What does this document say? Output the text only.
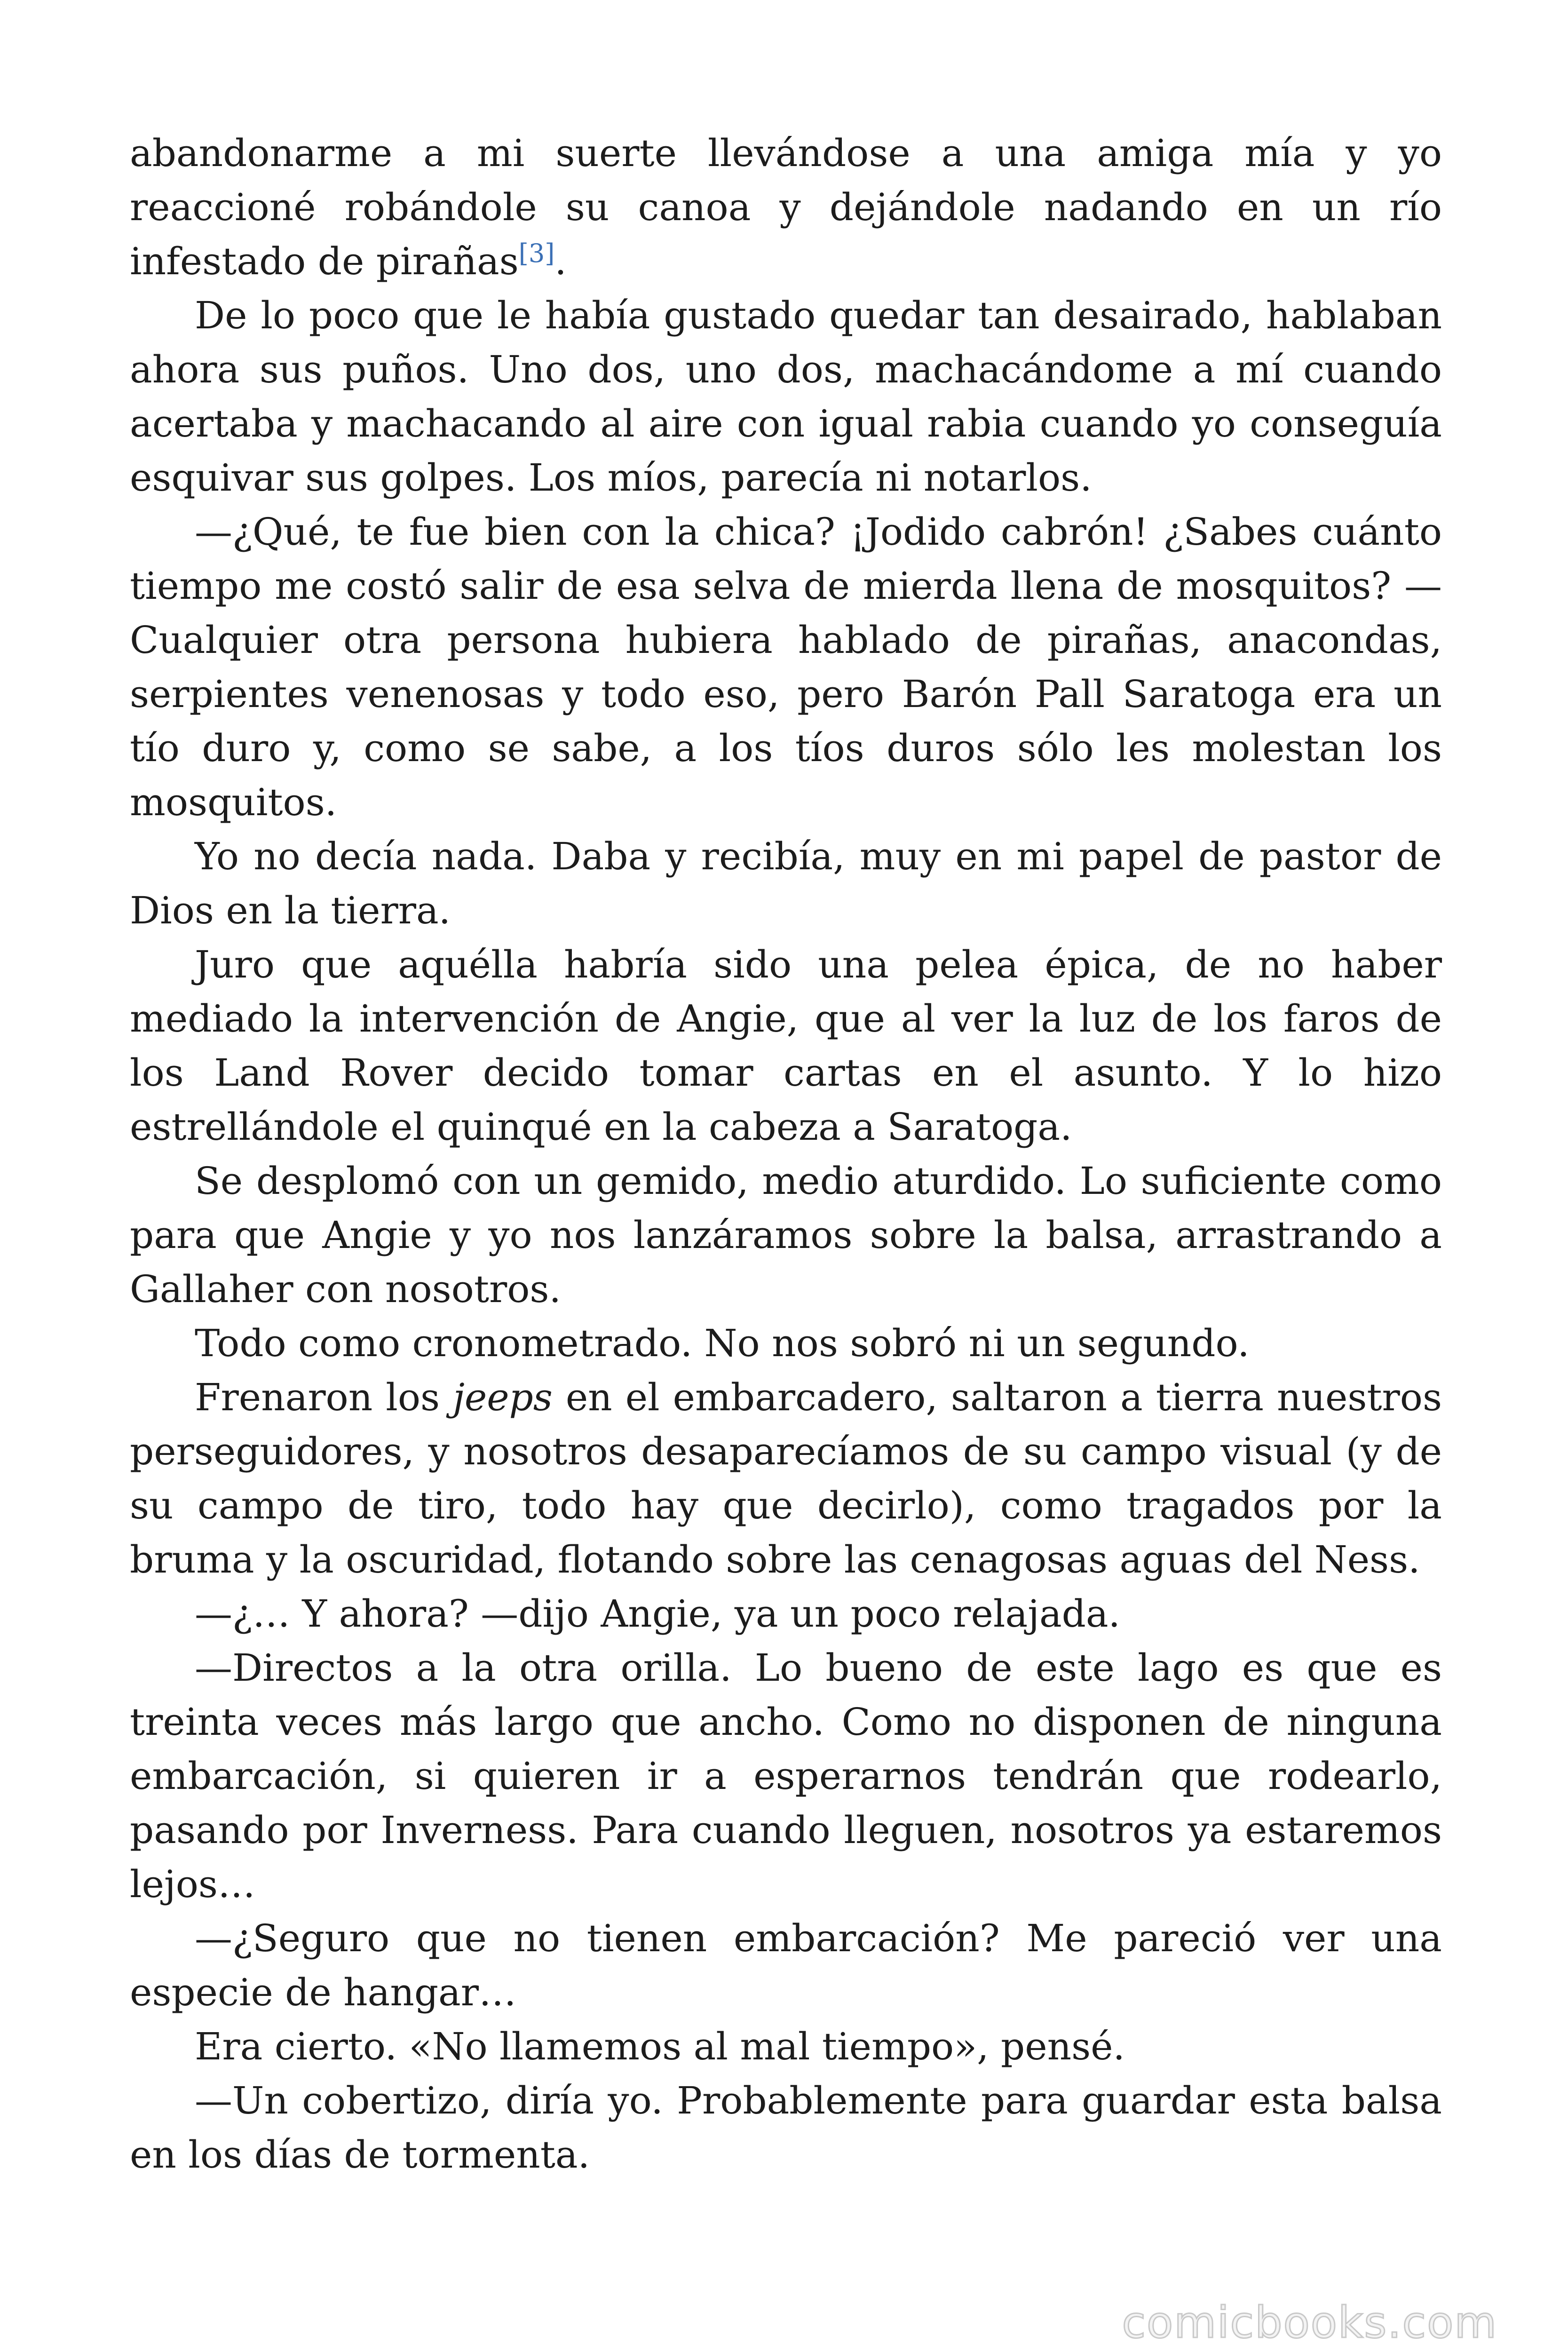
abandonarme a mi suerte llevándose a una amiga mía y yo reaccioné robándole su canoa y dejándole nadando en un río infestado de pirañas[3].

De lo poco que le había gustado quedar tan desairado, hablaban ahora sus puños. Uno dos, uno dos, machacándome a mí cuando acertaba y machacando al aire con igual rabia cuando yo conseguía esquivar sus golpes. Los míos, parecía ni notarlos.

—¿Qué, te fue bien con la chica? ¡Jodido cabrón! ¿Sabes cuánto tiempo me costó salir de esa selva de mierda llena de mosquitos? —Cualquier otra persona hubiera hablado de pirañas, anacondas, serpientes venenosas y todo eso, pero Barón Pall Saratoga era un tío duro y, como se sabe, a los tíos duros sólo les molestan los mosquitos.

Yo no decía nada. Daba y recibía, muy en mi papel de pastor de Dios en la tierra.

Juro que aquélla habría sido una pelea épica, de no haber mediado la intervención de Angie, que al ver la luz de los faros de los Land Rover decido tomar cartas en el asunto. Y lo hizo estrellándole el quinqué en la cabeza a Saratoga.

Se desplomó con un gemido, medio aturdido. Lo suficiente como para que Angie y yo nos lanzáramos sobre la balsa, arrastrando a Gallaher con nosotros.

Todo como cronometrado. No nos sobró ni un segundo.

Frenaron los jeeps en el embarcadero, saltaron a tierra nuestros perseguidores, y nosotros desaparecíamos de su campo visual (y de su campo de tiro, todo hay que decirlo), como tragados por la bruma y la oscuridad, flotando sobre las cenagosas aguas del Ness.

—¿… Y ahora? —dijo Angie, ya un poco relajada.

—Directos a la otra orilla. Lo bueno de este lago es que es treinta veces más largo que ancho. Como no disponen de ninguna embarcación, si quieren ir a esperarnos tendrán que rodearlo, pasando por Inverness. Para cuando lleguen, nosotros ya estaremos lejos…

—¿Seguro que no tienen embarcación? Me pareció ver una especie de hangar…

Era cierto. «No llamemos al mal tiempo», pensé.

—Un cobertizo, diría yo. Probablemente para guardar esta balsa en los días de tormenta.

comicbooks.com
